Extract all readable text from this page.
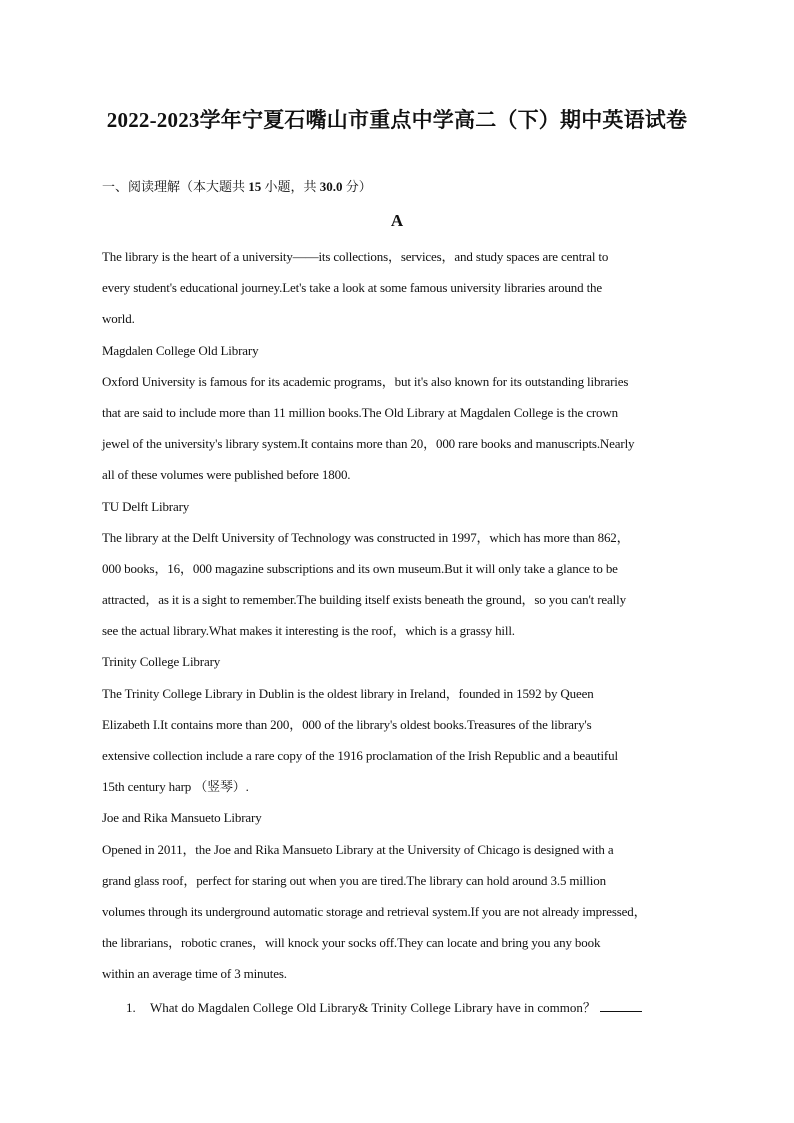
2022-2023学年宁夏石嘴山市重点中学高二（下）期中英语试卷
一、阅读理解（本大题共 15 小题，共 30.0 分）
A
The library is the heart of a university——its collections，services，and study spaces are central to
every student's educational journey.Let's take a look at some famous university libraries around the
world.
Magdalen College Old Library
Oxford University is famous for its academic programs，but it's also known for its outstanding libraries
that are said to include more than 11 million books.The Old Library at Magdalen College is the crown
jewel of the university's library system.It contains more than 20，000 rare books and manuscripts.Nearly
all of these volumes were published before 1800.
TU Delft Library
The library at the Delft University of Technology was constructed in 1997，which has more than 862，
000 books，16，000 magazine subscriptions and its own museum.But it will only take a glance to be
attracted，as it is a sight to remember.The building itself exists beneath the ground，so you can't really
see the actual library.What makes it interesting is the roof，which is a grassy hill.
Trinity College Library
The Trinity College Library in Dublin is the oldest library in Ireland，founded in 1592 by Queen
Elizabeth I.It contains more than 200，000 of the library's oldest books.Treasures of the library's
extensive collection include a rare copy of the 1916 proclamation of the Irish Republic and a beautiful
15th century harp （竖琴）.
Joe and Rika Mansueto Library
Opened in 2011，the Joe and Rika Mansueto Library at the University of Chicago is designed with a
grand glass roof，perfect for staring out when you are tired.The library can hold around 3.5 million
volumes through its underground automatic storage and retrieval system.If you are not already impressed，
the librarians，robotic cranes，will knock your socks off.They can locate and bring you any book
within an average time of 3 minutes.
1. What do Magdalen College Old Library& Trinity College Library have in common？
